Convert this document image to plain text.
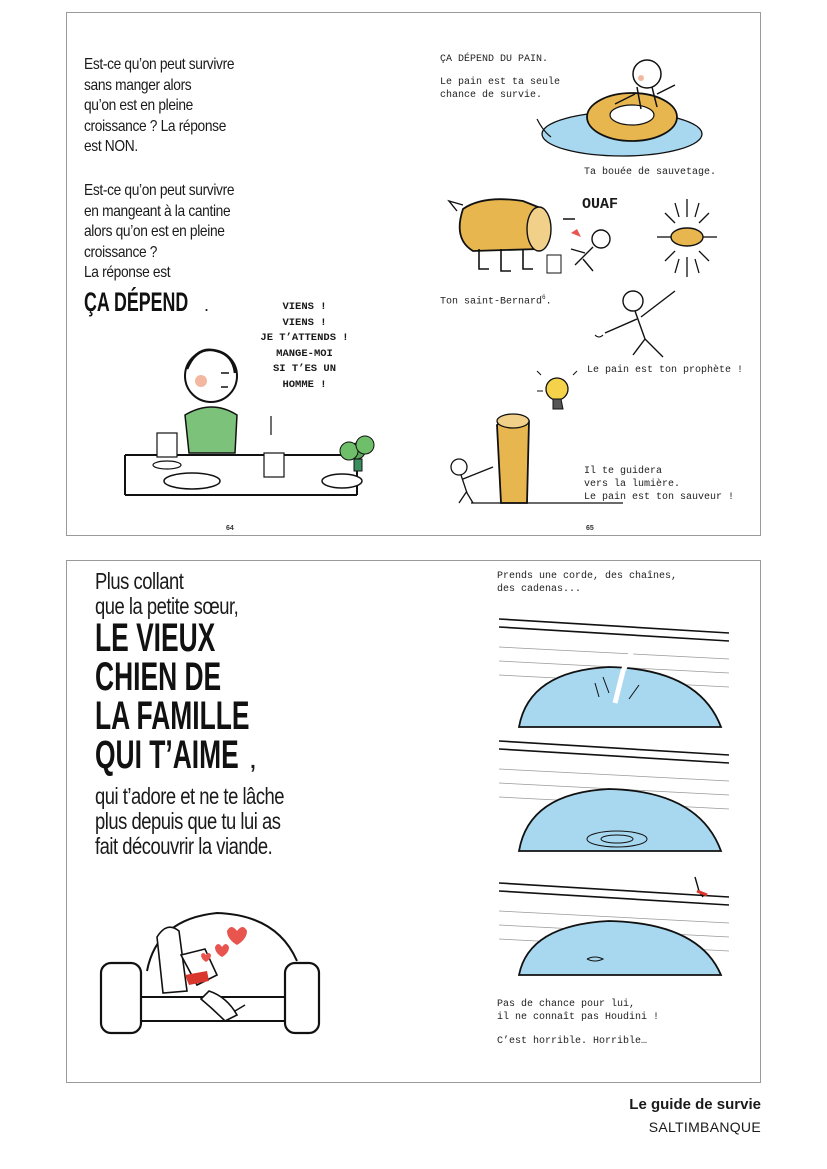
Est-ce qu’on peut survivre
sans manger alors
qu’on est en pleine
croissance ? La réponse
est NON.
Est-ce qu’on peut survivre
en mangeant à la cantine
alors qu’on est en pleine
croissance ?
La réponse est
ÇA DÉPEND .	VIENS !
VIENS !
JE T’ATTENDS !
MANGE-MOI
SI T’ES UN
HOMME !
64
ÇA DÉPEND DU PAIN.
Le pain est ta seule
chance de survie.
Ta bouée de sauvetage.
OUAF
Ton saint-Bernard$^6$.
Le pain est ton prophète !
Il te guidera
vers la lumière.
Le pain est ton sauveur !
65
Plus collant
que la petite sœur,
LE VIEUX
CHIEN DE
LA FAMILLE
QUI T’AIME ,
qui t’adore et ne te lâche
plus depuis que tu lui as
fait découvrir la viande.
Prends une corde, des chaînes,
des cadenas...
Pas de chance pour lui,
il ne connaît pas Houdini !
C’est horrible. Horrible…
Le guide de survie
SALTIMBANQUE
